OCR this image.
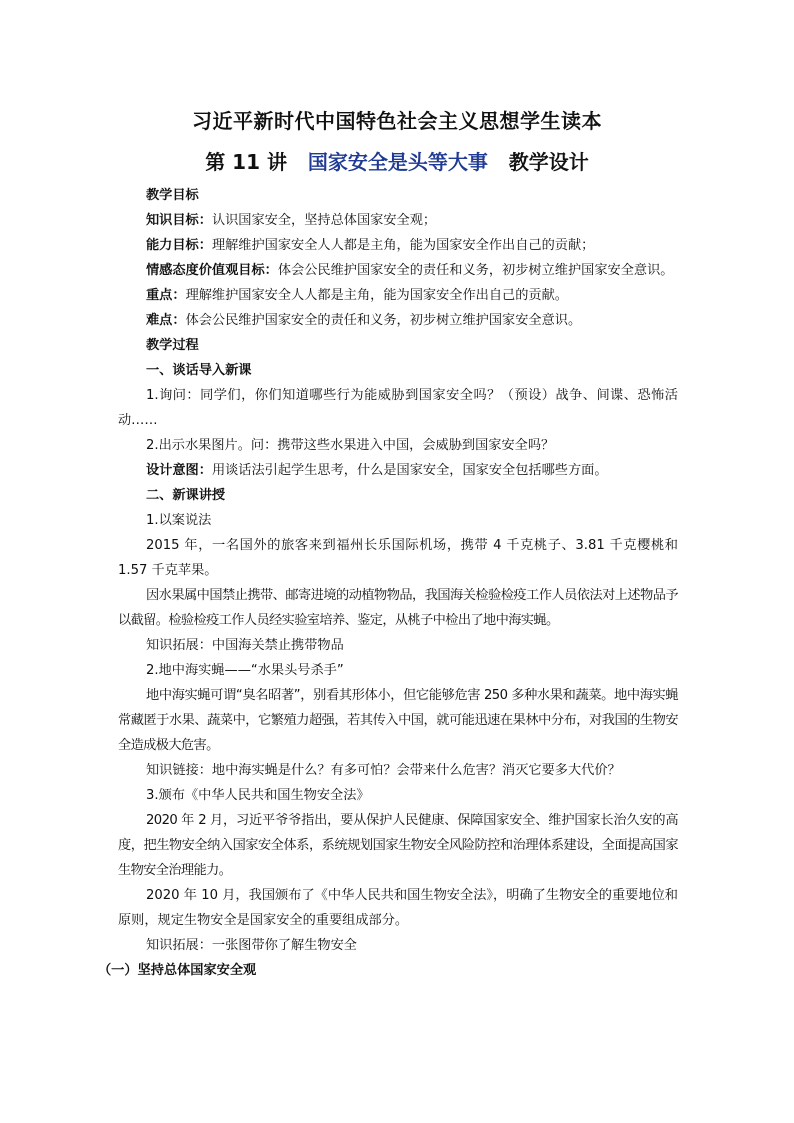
习近平新时代中国特色社会主义思想学生读本
第 11 讲 国家安全是头等大事 教学设计

教学目标

知识目标：认识国家安全，坚持总体国家安全观；

能力目标：理解维护国家安全人人都是主角，能为国家安全作出自己的贡献；

情感态度价值观目标：体会公民维护国家安全的责任和义务，初步树立维护国家安全意识。

重点：理解维护国家安全人人都是主角，能为国家安全作出自己的贡献。

难点：体会公民维护国家安全的责任和义务，初步树立维护国家安全意识。

教学过程

一、谈话导入新课

1.询问：同学们，你们知道哪些行为能威胁到国家安全吗？（预设）战争、间谍、恐怖活动……

2.出示水果图片。问：携带这些水果进入中国，会威胁到国家安全吗？

设计意图：用谈话法引起学生思考，什么是国家安全，国家安全包括哪些方面。

二、新课讲授

1.以案说法

2015 年，一名国外的旅客来到福州长乐国际机场，携带 4 千克桃子、3.81 千克樱桃和 1.57 千克苹果。

因水果属中国禁止携带、邮寄进境的动植物物品，我国海关检验检疫工作人员依法对上述物品予以截留。检验检疫工作人员经实验室培养、鉴定，从桃子中检出了地中海实蝇。

知识拓展：中国海关禁止携带物品

2.地中海实蝇——“水果头号杀手”

地中海实蝇可谓“臭名昭著”，别看其形体小，但它能够危害 250 多种水果和蔬菜。地中海实蝇常藏匿于水果、蔬菜中，它繁殖力超强，若其传入中国，就可能迅速在果林中分布，对我国的生物安全造成极大危害。

知识链接：地中海实蝇是什么？有多可怕？会带来什么危害？消灭它要多大代价？

3.颁布《中华人民共和国生物安全法》

2020 年 2 月，习近平爷爷指出，要从保护人民健康、保障国家安全、维护国家长治久安的高度，把生物安全纳入国家安全体系，系统规划国家生物安全风险防控和治理体系建设，全面提高国家生物安全治理能力。

2020 年 10 月，我国颁布了《中华人民共和国生物安全法》，明确了生物安全的重要地位和原则，规定生物安全是国家安全的重要组成部分。

知识拓展：一张图带你了解生物安全

（一）坚持总体国家安全观
